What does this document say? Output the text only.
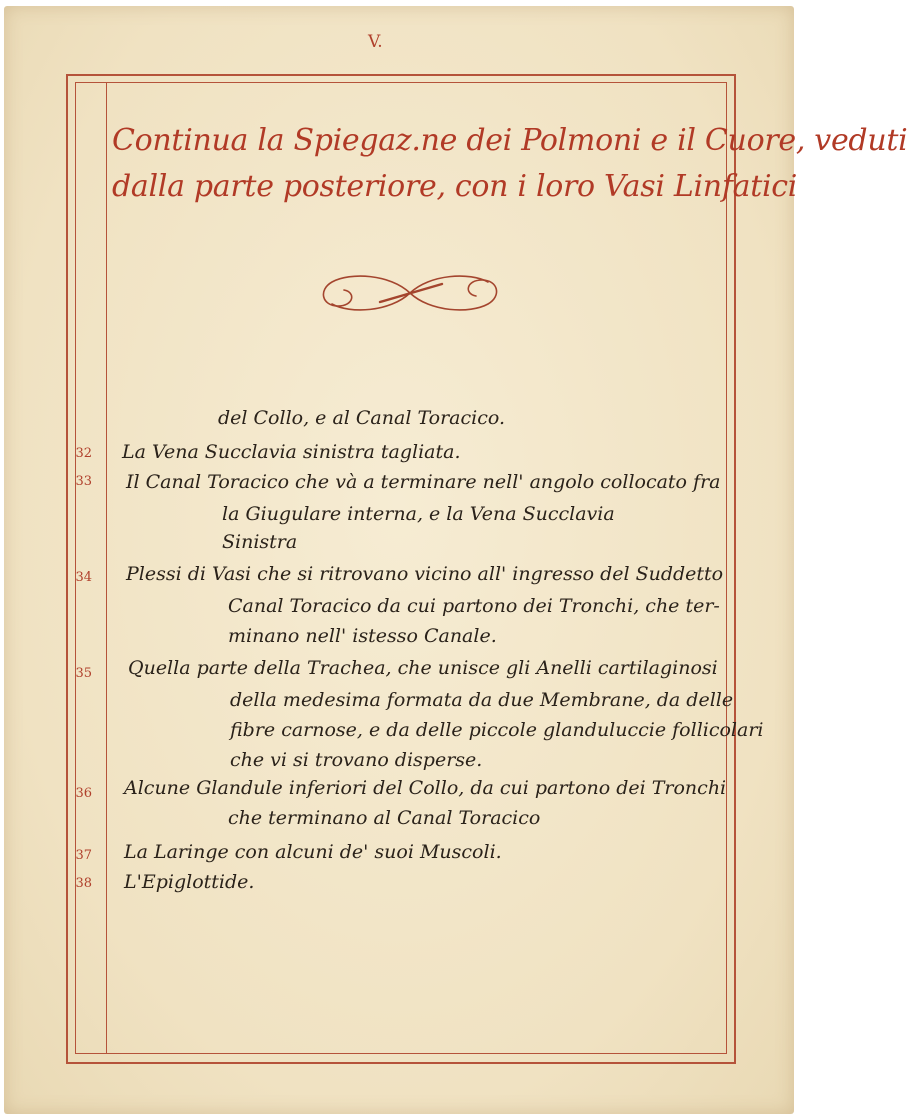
V.
Continua la Spiegaz.ne dei Polmoni e il Cuore, veduti
dalla parte posteriore, con i loro Vasi Linfatici
del Collo, e al Canal Toracico.
32 La Vena Succlavia sinistra tagliata.
33 Il Canal Toracico che và a terminare nell' angolo collocato fra
la Giugulare interna, e la Vena Succlavia
Sinistra
34 Plessi di Vasi che si ritrovano vicino all' ingresso del Suddetto
Canal Toracico da cui partono dei Tronchi, che ter-
minano nell' istesso Canale.
35 Quella parte della Trachea, che unisce gli Anelli cartilaginosi
della medesima formata da due Membrane, da delle
fibre carnose, e da delle piccole glanduluccie follicolari
che vi si trovano disperse.
36 Alcune Glandule inferiori del Collo, da cui partono dei Tronchi
che terminano al Canal Toracico
37 La Laringe con alcuni de' suoi Muscoli.
38 L'Epiglottide.
